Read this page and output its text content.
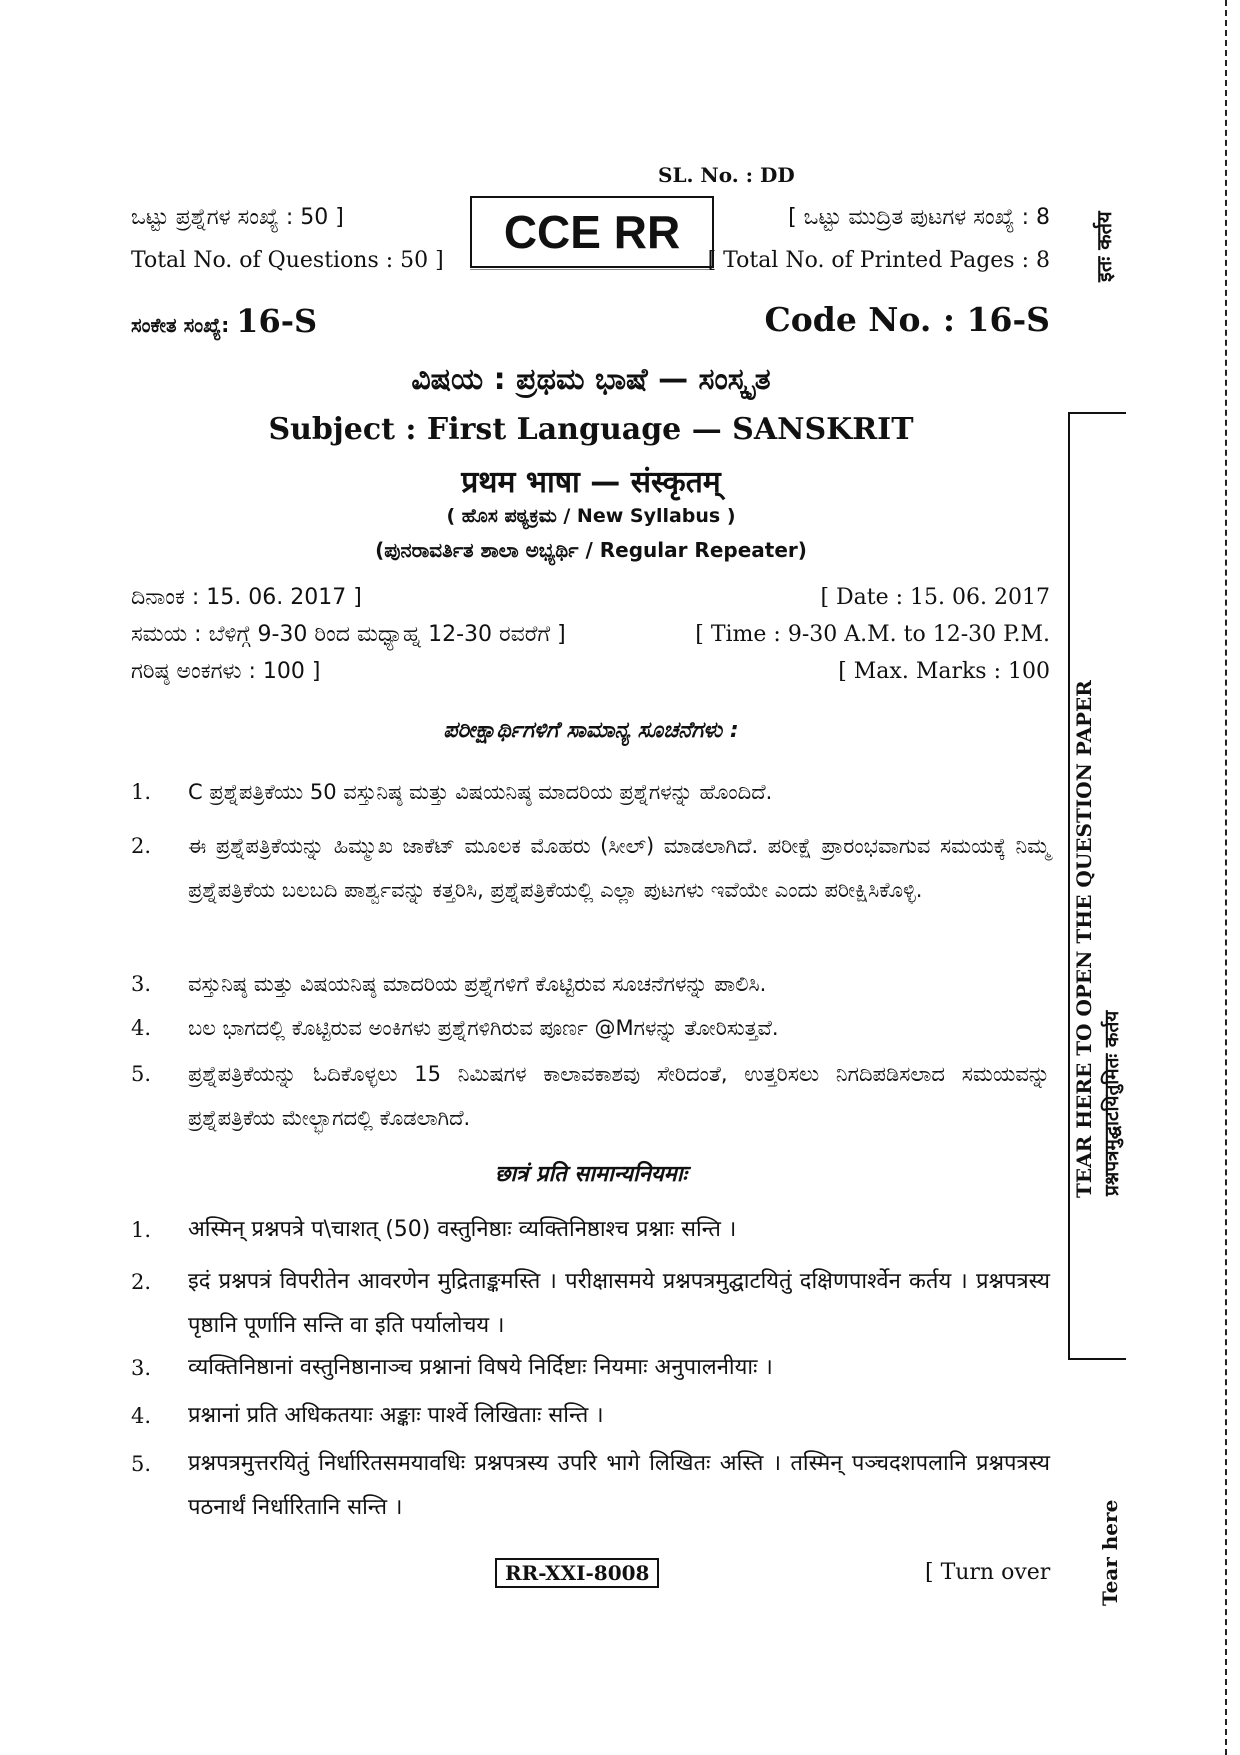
SL. No. : DD
ಒಟ್ಟು ಪ್ರಶ್ನೆಗಳ ಸಂಖ್ಯೆ : 50 ]
Total No. of Questions : 50 ]
CCE RR	[ ಒಟ್ಟು ಮುದ್ರಿತ ಪುಟಗಳ ಸಂಖ್ಯೆ : 8
[ Total No. of Printed Pages : 8
ಸಂಕೇತ ಸಂಖ್ಯೆ: 16-S	Code No. : 16-S
ವಿಷಯ : ಪ್ರಥಮ ಭಾಷೆ — ಸಂಸ್ಕೃತ
Subject : First Language — SANSKRIT
प्रथम भाषा — संस्कृतम्
( ಹೊಸ ಪಠ್ಯಕ್ರಮ / New Syllabus )
(ಪುನರಾವರ್ತಿತ ಶಾಲಾ ಅಭ್ಯರ್ಥಿ / Regular Repeater)
ದಿನಾಂಕ : 15. 06. 2017 ]	[ Date : 15. 06. 2017
ಸಮಯ : ಬೆಳಿಗ್ಗೆ 9-30 ರಿಂದ ಮಧ್ಯಾಹ್ನ 12-30 ರವರೆಗೆ ]	[ Time : 9-30 A.M. to 12-30 P.M.
ಗರಿಷ್ಠ ಅಂಕಗಳು : 100 ]	[ Max. Marks : 100
ಪರೀಕ್ಷಾರ್ಥಿಗಳಿಗೆ ಸಾಮಾನ್ಯ ಸೂಚನೆಗಳು :
1. C ಪ್ರಶ್ನೆಪತ್ರಿಕೆಯು 50 ವಸ್ತುನಿಷ್ಠ ಮತ್ತು ವಿಷಯನಿಷ್ಠ ಮಾದರಿಯ ಪ್ರಶ್ನೆಗಳನ್ನು ಹೊಂದಿದೆ.
2. ಈ ಪ್ರಶ್ನೆಪತ್ರಿಕೆಯನ್ನು ಹಿಮ್ಮುಖ ಜಾಕೆಟ್ ಮೂಲಕ ಮೊಹರು (ಸೀಲ್) ಮಾಡಲಾಗಿದೆ. ಪರೀಕ್ಷೆ ಪ್ರಾರಂಭವಾಗುವ ಸಮಯಕ್ಕೆ ನಿಮ್ಮ ಪ್ರಶ್ನೆಪತ್ರಿಕೆಯ ಬಲಬದಿ ಪಾರ್ಶ್ವವನ್ನು ಕತ್ತರಿಸಿ, ಪ್ರಶ್ನೆಪತ್ರಿಕೆಯಲ್ಲಿ ಎಲ್ಲಾ ಪುಟಗಳು ಇವೆಯೇ ಎಂದು ಪರೀಕ್ಷಿಸಿಕೊಳ್ಳಿ.
3. ವಸ್ತುನಿಷ್ಠ ಮತ್ತು ವಿಷಯನಿಷ್ಠ ಮಾದರಿಯ ಪ್ರಶ್ನೆಗಳಿಗೆ ಕೊಟ್ಟಿರುವ ಸೂಚನೆಗಳನ್ನು ಪಾಲಿಸಿ.
4. ಬಲ ಭಾಗದಲ್ಲಿ ಕೊಟ್ಟಿರುವ ಅಂಕಿಗಳು ಪ್ರಶ್ನೆಗಳಿಗಿರುವ ಪೂರ್ಣ @Mಗಳನ್ನು ತೋರಿಸುತ್ತವೆ.
5. ಪ್ರಶ್ನೆಪತ್ರಿಕೆಯನ್ನು ಓದಿಕೊಳ್ಳಲು 15 ನಿಮಿಷಗಳ ಕಾಲಾವಕಾಶವು ಸೇರಿದಂತೆ, ಉತ್ತರಿಸಲು ನಿಗದಿಪಡಿಸಲಾದ ಸಮಯವನ್ನು ಪ್ರಶ್ನೆಪತ್ರಿಕೆಯ ಮೇಲ್ಭಾಗದಲ್ಲಿ ಕೊಡಲಾಗಿದೆ.
छात्रं प्रति सामान्यनियमाः
1. अस्मिन् प्रश्नपत्रे प\चाशत् (50) वस्तुनिष्ठाः व्यक्तिनिष्ठाश्च प्रश्नाः सन्ति ।
2. इदं प्रश्नपत्रं विपरीतेन आवरणेन मुद्रिताङ्कमस्ति । परीक्षासमये प्रश्नपत्रमुद्घाटयितुं दक्षिणपार्श्वेन कर्तय । प्रश्नपत्रस्य पृष्ठानि पूर्णानि सन्ति वा इति पर्यालोचय ।
3. व्यक्तिनिष्ठानां वस्तुनिष्ठानाञ्च प्रश्नानां विषये निर्दिष्टाः नियमाः अनुपालनीयाः ।
4. प्रश्नानां प्रति अधिकतयाः अङ्काः पार्श्वे लिखिताः सन्ति ।
5. प्रश्नपत्रमुत्तरयितुं निर्धारितसमयावधिः प्रश्नपत्रस्य उपरि भागे लिखितः अस्ति । तस्मिन् पञ्चदशपलानि प्रश्नपत्रस्य पठनार्थं निर्धारितानि सन्ति ।
RR-XXI-8008	[ Turn over
इतः कर्तय
TEAR HERE TO OPEN THE QUESTION PAPER प्रश्नपत्रमुद्घाटयितुमितः कर्तय
Tear here
